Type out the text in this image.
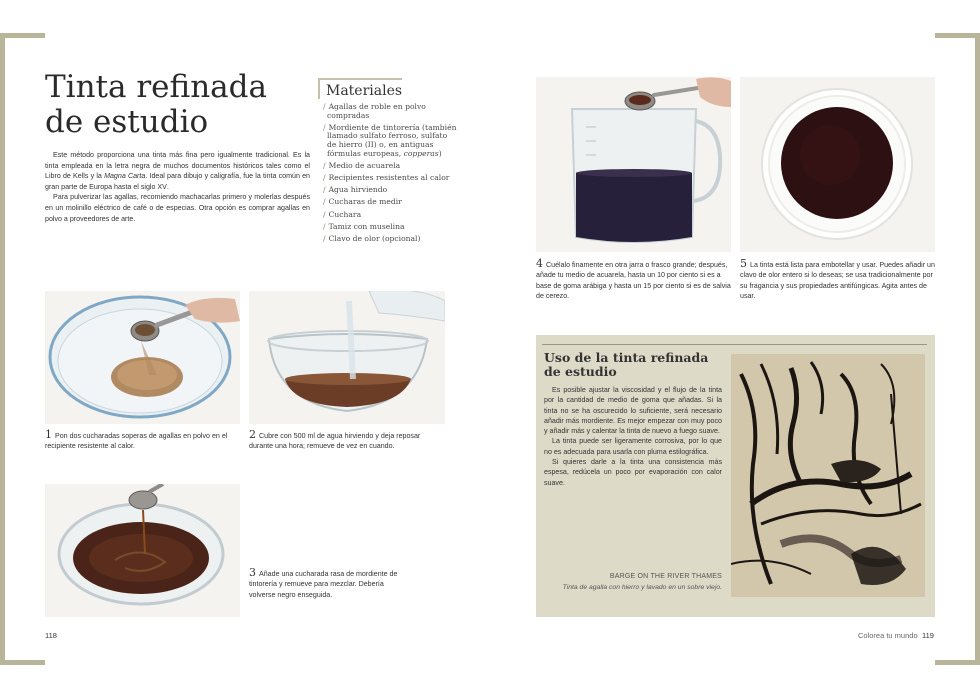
Tinta refinada de estudio

Este método proporciona una tinta más fina pero igualmente tradicional. Es la tinta empleada en la letra negra de muchos documentos históricos tales como el Libro de Kells y la Magna Carta. Ideal para dibujo y caligrafía, fue la tinta común en gran parte de Europa hasta el siglo XV.

Para pulverizar las agallas, recomiendo machacarlas primero y molerlas después en un molinillo eléctrico de café o de especias. Otra opción es comprar agallas en polvo a proveedores de arte.

Materiales
/ Agallas de roble en polvo compradas
/ Mordiente de tintorería (también llamado sulfato ferroso, sulfato de hierro (II) o, en antiguas fórmulas europeas, copperas)
/ Medio de acuarela
/ Recipientes resistentes al calor
/ Agua hirviendo
/ Cucharas de medir
/ Cuchara
/ Tamiz con muselina
/ Clavo de olor (opcional)
1 Pon dos cucharadas soperas de agallas en polvo en el recipiente resistente al calor.
2 Cubre con 500 ml de agua hirviendo y deja reposar durante una hora; remueve de vez en cuando.
3 Añade una cucharada rasa de mordiente de tintorería y remueve para mezclar. Debería volverse negro enseguida.
118
4 Cuélalo finamente en otra jarra o frasco grande; después, añade tu medio de acuarela, hasta un 10 por ciento si es a base de goma arábiga y hasta un 15 por ciento si es de salvia de cerezo.
5 La tinta está lista para embotellar y usar. Puedes añadir un clavo de olor entero si lo deseas; se usa tradicionalmente por su fragancia y sus propiedades antifúngicas. Agita antes de usar.
Uso de la tinta refinada de estudio

Es posible ajustar la viscosidad y el flujo de la tinta por la cantidad de medio de goma que añadas. Si la tinta no se ha oscurecido lo suficiente, será necesario añadir más mordiente. Es mejor empezar con muy poco y añadir más y calentar la tinta de nuevo a fuego suave.

La tinta puede ser ligeramente corrosiva, por lo que no es adecuada para usarla con pluma estilográfica.

Si quieres darle a la tinta una consistencia más espesa, redúcela un poco por evaporación con calor suave.

BARGE ON THE RIVER THAMES
Tinta de agalla con hierro y lavado en un sobre viejo.
Colorea tu mundo 119
